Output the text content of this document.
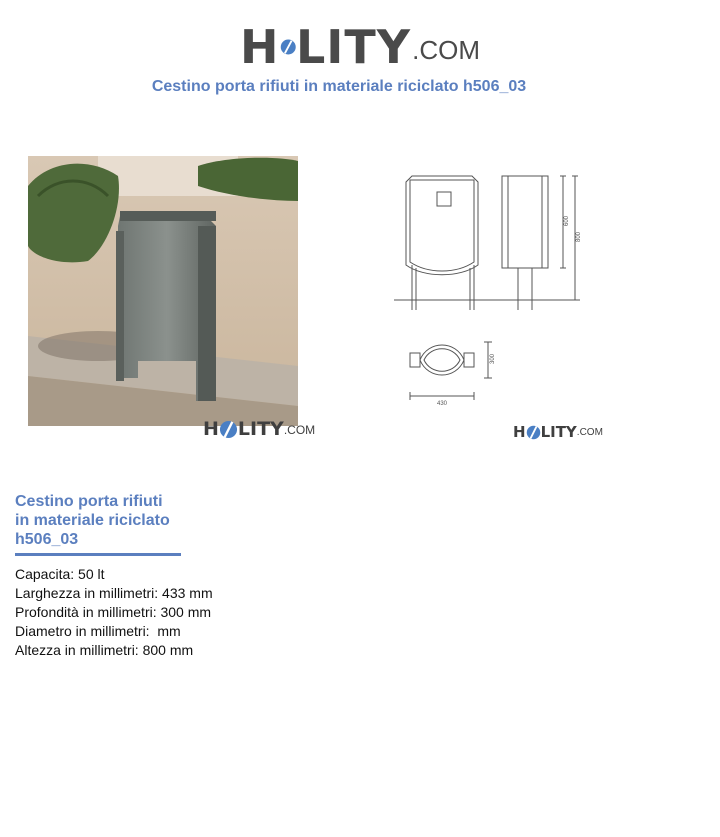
H LITY .COM
Cestino porta rifiuti in materiale riciclato h506_03
600
800
430
300
H LITY .COM	H LITY .COM
Cestino porta rifiuti
in materiale riciclato
h506_03
Capacita: 50 lt
Larghezza in millimetri: 433 mm
Profondità in millimetri: 300 mm
Diametro in millimetri:  mm
Altezza in millimetri: 800 mm
